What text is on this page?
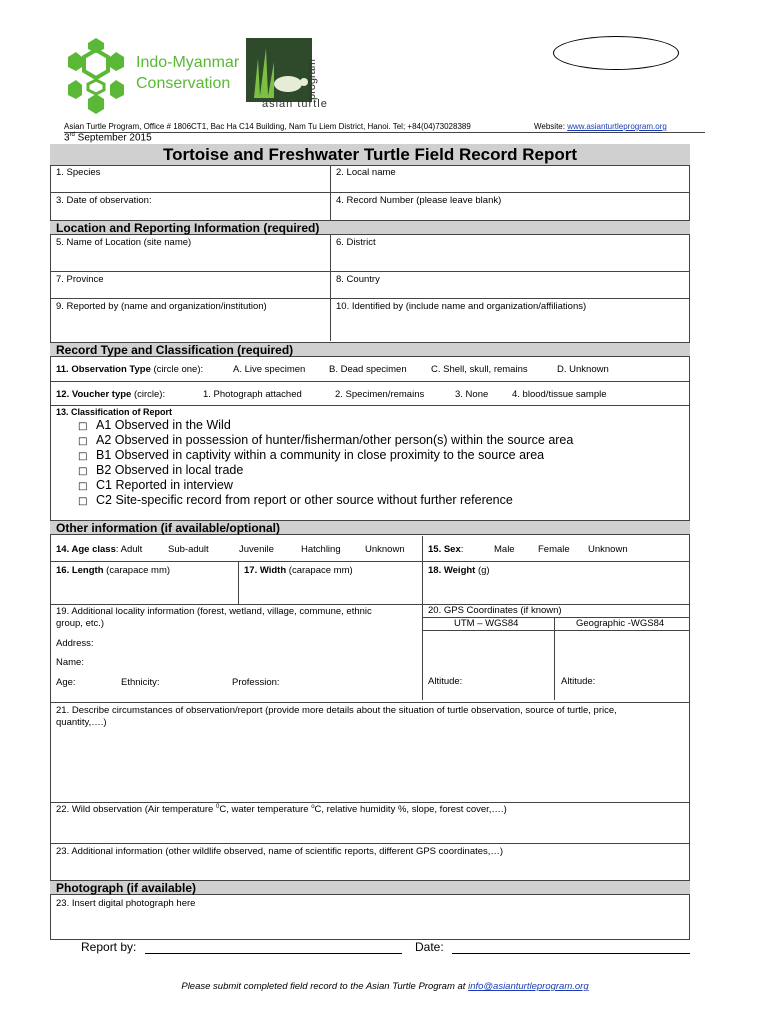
Indo-Myanmar
Conservation	program
asian turtle
Asian Turtle Program, Office # 1806CT1, Bac Ha C14 Building, Nam Tu Liem District, Hanoi. Tel; +84(04)73028389	Website: www.asianturtleprogram.org
3rd September 2015
Tortoise and Freshwater Turtle Field Record Report
1. Species	2. Local name
3. Date of observation:	4. Record Number (please leave blank)
Location and Reporting Information (required)
5. Name of Location (site name)	6. District
7. Province	8. Country
9. Reported by (name and organization/institution)	10. Identified by (include name and organization/affiliations)
Record Type and Classification (required)
11. Observation Type (circle one):	A. Live specimen B. Dead specimen	C. Shell, skull, remains	D. Unknown
12. Voucher type (circle):	1. Photograph attached	2. Specimen/remains	3. None 4. blood/tissue sample
13. Classification of Report
□ A1 Observed in the Wild
□ A2 Observed in possession of hunter/fisherman/other person(s) within the source area
□ B1 Observed in captivity within a community in close proximity to the source area
□ B2 Observed in local trade
□ C1 Reported in interview
□ C2 Site-specific record from report or other source without further reference
Other information (if available/optional)
14. Age class: Adult	Sub-adult	Juvenile	Hatchling	Unknown 15. Sex:	Male Female Unknown
16. Length (carapace mm)	17. Width (carapace mm)	18. Weight (g)
19. Additional locality information (forest, wetland, village, commune, ethnic
group, etc.)
Address:
Name:
Age:	Ethnicity:	Profession:
20. GPS Coordinates (if known)
UTM – WGS84	Geographic -WGS84
Altitude:	Altitude:
21. Describe circumstances of observation/report (provide more details about the situation of turtle observation, source of turtle, price,
quantity,….)
22. Wild observation (Air temperature $^0$C, water temperature $^o$C, relative humidity %, slope, forest cover,….)
23. Additional information (other wildlife observed, name of scientific reports, different GPS coordinates,…)
Photograph (if available)
23. Insert digital photograph here
Report by:	Date:
Please submit completed field record to the Asian Turtle Program at info@asianturtleprogram.org
